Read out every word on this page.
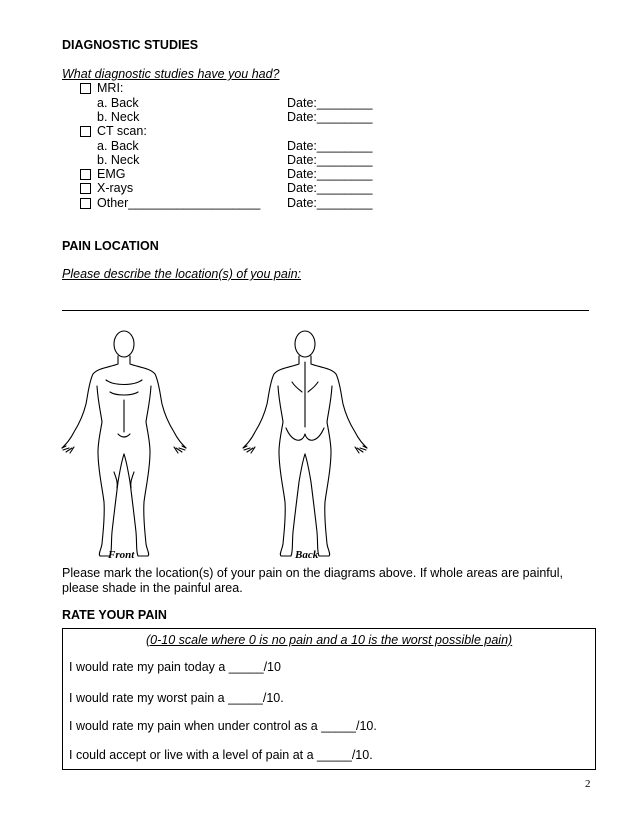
DIAGNOSTIC STUDIES
What diagnostic studies have you had?
MRI:
a. Back	Date:________
b. Neck	Date:________
CT scan:
a. Back	Date:________
b. Neck	Date:________
EMG	Date:________
X-rays	Date:________
Other___________________ Date:________
PAIN LOCATION
Please describe the location(s) of you pain:
Front	Back
Please mark the location(s) of your pain on the diagrams above. If whole areas are painful,
please shade in the painful area.
RATE YOUR PAIN
(0-10 scale where 0 is no pain and a 10 is the worst possible pain)
I would rate my pain today a _____/10
I would rate my worst pain a _____/10.
I would rate my pain when under control as a _____/10.
I could accept or live with a level of pain at a _____/10.
2
